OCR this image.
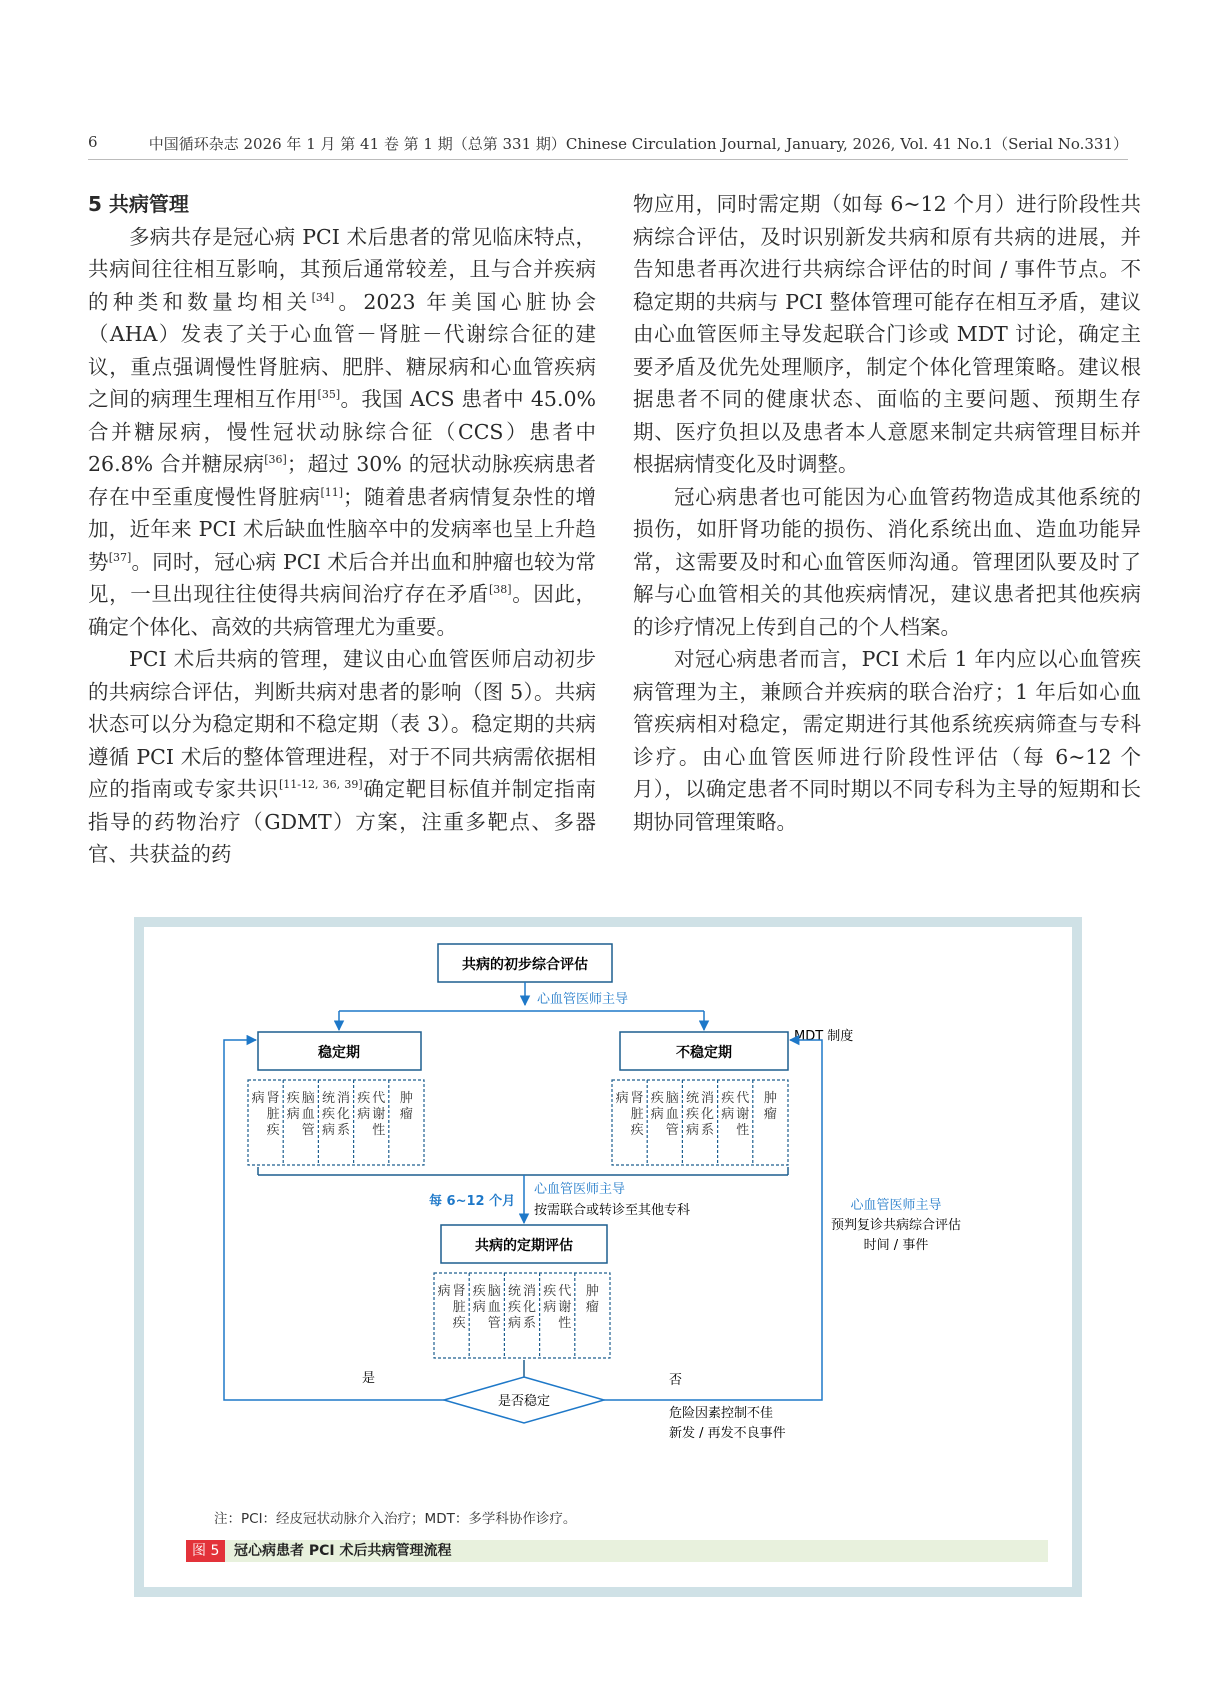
6	中国循环杂志 2026 年 1 月 第 41 卷 第 1 期（总第 331 期）Chinese Circulation Journal, January, 2026, Vol. 41 No.1（Serial No.331）
5 共病管理

多病共存是冠心病 PCI 术后患者的常见临床特点，共病间往往相互影响，其预后通常较差，且与合并疾病的种类和数量均相关[34]。2023 年美国心脏协会（AHA）发表了关于心血管－肾脏－代谢综合征的建议，重点强调慢性肾脏病、肥胖、糖尿病和心血管疾病之间的病理生理相互作用[35]。我国 ACS 患者中 45.0% 合并糖尿病，慢性冠状动脉综合征（CCS）患者中 26.8% 合并糖尿病[36]；超过 30% 的冠状动脉疾病患者存在中至重度慢性肾脏病[11]；随着患者病情复杂性的增加，近年来 PCI 术后缺血性脑卒中的发病率也呈上升趋势[37]。同时，冠心病 PCI 术后合并出血和肿瘤也较为常见，一旦出现往往使得共病间治疗存在矛盾[38]。因此，确定个体化、高效的共病管理尤为重要。

PCI 术后共病的管理，建议由心血管医师启动初步的共病综合评估，判断共病对患者的影响（图 5）。共病状态可以分为稳定期和不稳定期（表 3）。稳定期的共病遵循 PCI 术后的整体管理进程，对于不同共病需依据相应的指南或专家共识[11-12, 36, 39]确定靶目标值并制定指南指导的药物治疗（GDMT）方案，注重多靶点、多器官、共获益的药

物应用，同时需定期（如每 6~12 个月）进行阶段性共病综合评估，及时识别新发共病和原有共病的进展，并告知患者再次进行共病综合评估的时间 / 事件节点。不稳定期的共病与 PCI 整体管理可能存在相互矛盾，建议由心血管医师主导发起联合门诊或 MDT 讨论，确定主要矛盾及优先处理顺序，制定个体化管理策略。建议根据患者不同的健康状态、面临的主要问题、预期生存期、医疗负担以及患者本人意愿来制定共病管理目标并根据病情变化及时调整。

冠心病患者也可能因为心血管药物造成其他系统的损伤，如肝肾功能的损伤、消化系统出血、造血功能异常，这需要及时和心血管医师沟通。管理团队要及时了解与心血管相关的其他疾病情况，建议患者把其他疾病的诊疗情况上传到自己的个人档案。

对冠心病患者而言，PCI 术后 1 年内应以心血管疾病管理为主，兼顾合并疾病的联合治疗；1 年后如心血管疾病相对稳定，需定期进行其他系统疾病筛查与专科诊疗。由心血管医师进行阶段性评估（每 6~12 个月），以确定患者不同时期以不同专科为主导的短期和长期协同管理策略。

共病的初步综合评估
心血管医师主导
稳定期	不稳定期
MDT 制度
肾
脏
疾
病	脑
血
管
疾
病
消
化
系
统
疾
病
代
谢
性
疾
病
肿
瘤
肾
脏
疾
病	脑
血
管
疾
病
消
化
系
统
疾
病
代
谢
性
疾
病
肿
瘤
肾
脏
疾
病	脑
血
管
疾
病
消
化
系
统
疾
病
代
谢
性
疾
病
肿
瘤
每 6~12 个月
心血管医师主导
按需联合或转诊至其他专科
共病的定期评估
心血管医师主导
预判复诊共病综合评估
时间 / 事件
是否稳定
是	否
危险因素控制不佳
新发 / 再发不良事件
注：PCI：经皮冠状动脉介入治疗；MDT：多学科协作诊疗。
图 5	冠心病患者 PCI 术后共病管理流程
